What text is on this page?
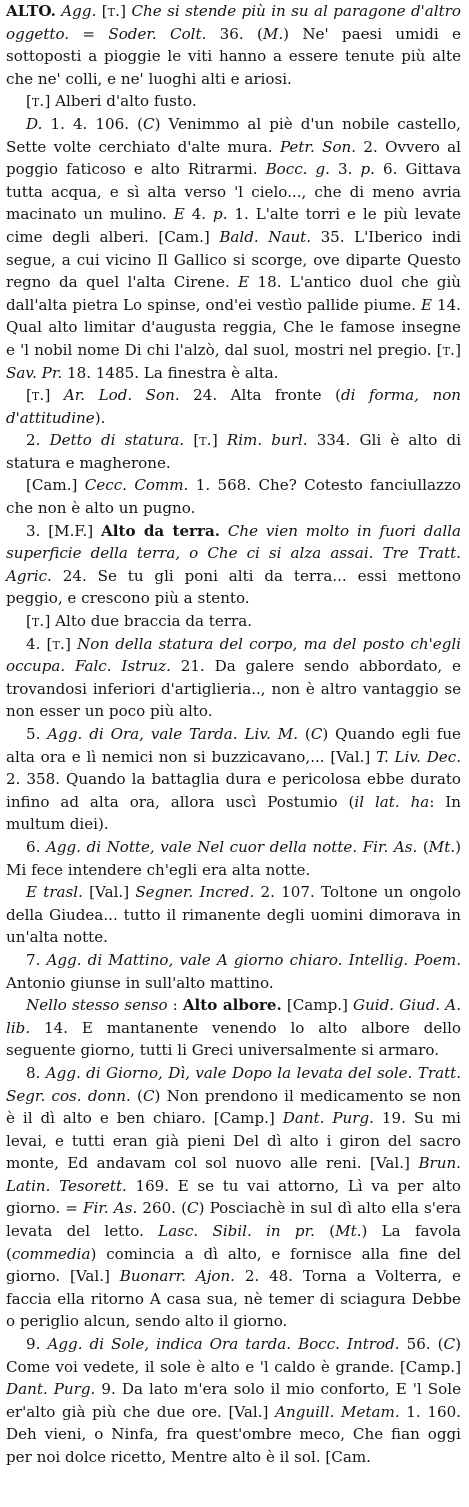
ALTO. Agg. [t.] Che si stende più in su al paragone d'altro oggetto. = Soder. Colt. 36. (M.) Ne' paesi umidi e sottoposti a pioggie le viti hanno a essere tenute più alte che ne' colli, e ne' luoghi alti e ariosi.

[t.] Alberi d'alto fusto.

D. 1. 4. 106. (C) Venimmo al piè d'un nobile castello, Sette volte cerchiato d'alte mura. Petr. Son. 2. Ovvero al poggio faticoso e alto Ritrarmi. Bocc. g. 3. p. 6. Gittava tutta acqua, e sì alta verso 'l cielo..., che di meno avria macinato un mulino. E 4. p. 1. L'alte torri e le più levate cime degli alberi. [Cam.] Bald. Naut. 35. L'Iberico indi segue, a cui vicino Il Gallico si scorge, ove diparte Questo regno da quel l'alta Cirene. E 18. L'antico duol che giù dall'alta pietra Lo spinse, ond'ei vestìo pallide piume. E 14. Qual alto limitar d'augusta reggia, Che le famose insegne e 'l nobil nome Di chi l'alzò, dal suol, mostri nel pregio. [t.] Sav. Pr. 18. 1485. La finestra è alta.

[t.] Ar. Lod. Son. 24. Alta fronte (di forma, non d'attitudine).

2. Detto di statura. [t.] Rim. burl. 334. Gli è alto di statura e magherone.

[Cam.] Cecc. Comm. 1. 568. Che? Cotesto fanciullazzo che non è alto un pugno.

3. [M.F.] Alto da terra. Che vien molto in fuori dalla superficie della terra, o Che ci si alza assai. Tre Tratt. Agric. 24. Se tu gli poni alti da terra... essi mettono peggio, e crescono più a stento.

[t.] Alto due braccia da terra.

4. [t.] Non della statura del corpo, ma del posto ch'egli occupa. Falc. Istruz. 21. Da galere sendo abbordato, e trovandosi inferiori d'artiglieria.., non è altro vantaggio se non esser un poco più alto.

5. Agg. di Ora, vale Tarda. Liv. M. (C) Quando egli fue alta ora e lì nemici non si buzzicavano,... [Val.] T. Liv. Dec. 2. 358. Quando la battaglia dura e pericolosa ebbe durato infino ad alta ora, allora uscì Postumio (il lat. ha: In multum diei).

6. Agg. di Notte, vale Nel cuor della notte. Fir. As. (Mt.) Mi fece intendere ch'egli era alta notte.

E trasl. [Val.] Segner. Incred. 2. 107. Toltone un ongolo della Giudea... tutto il rimanente degli uomini dimorava in un'alta notte.

7. Agg. di Mattino, vale A giorno chiaro. Intellig. Poem. Antonio giunse in sull'alto mattino.

Nello stesso senso : Alto albore. [Camp.] Guid. Giud. A. lib. 14. E mantanente venendo lo alto albore dello seguente giorno, tutti li Greci universalmente si armaro.

8. Agg. di Giorno, Dì, vale Dopo la levata del sole. Tratt. Segr. cos. donn. (C) Non prendono il medicamento se non è il dì alto e ben chiaro. [Camp.] Dant. Purg. 19. Su mi levai, e tutti eran già pieni Del dì alto i giron del sacro monte, Ed andavam col sol nuovo alle reni. [Val.] Brun. Latin. Tesorett. 169. E se tu vai attorno, Lì va per alto giorno. = Fir. As. 260. (C) Posciachè in sul dì alto ella s'era levata del letto. Lasc. Sibil. in pr. (Mt.) La favola (commedia) comincia a dì alto, e fornisce alla fine del giorno. [Val.] Buonarr. Ajon. 2. 48. Torna a Volterra, e faccia ella ritorno A casa sua, nè temer di sciagura Debbe o periglio alcun, sendo alto il giorno.

9. Agg. di Sole, indica Ora tarda. Bocc. Introd. 56. (C) Come voi vedete, il sole è alto e 'l caldo è grande. [Camp.] Dant. Purg. 9. Da lato m'era solo il mio conforto, E 'l Sole er'alto già più che due ore. [Val.] Anguill. Metam. 1. 160. Deh vieni, o Ninfa, fra quest'ombre meco, Che fian oggi per noi dolce ricetto, Mentre alto è il sol. [Cam.
